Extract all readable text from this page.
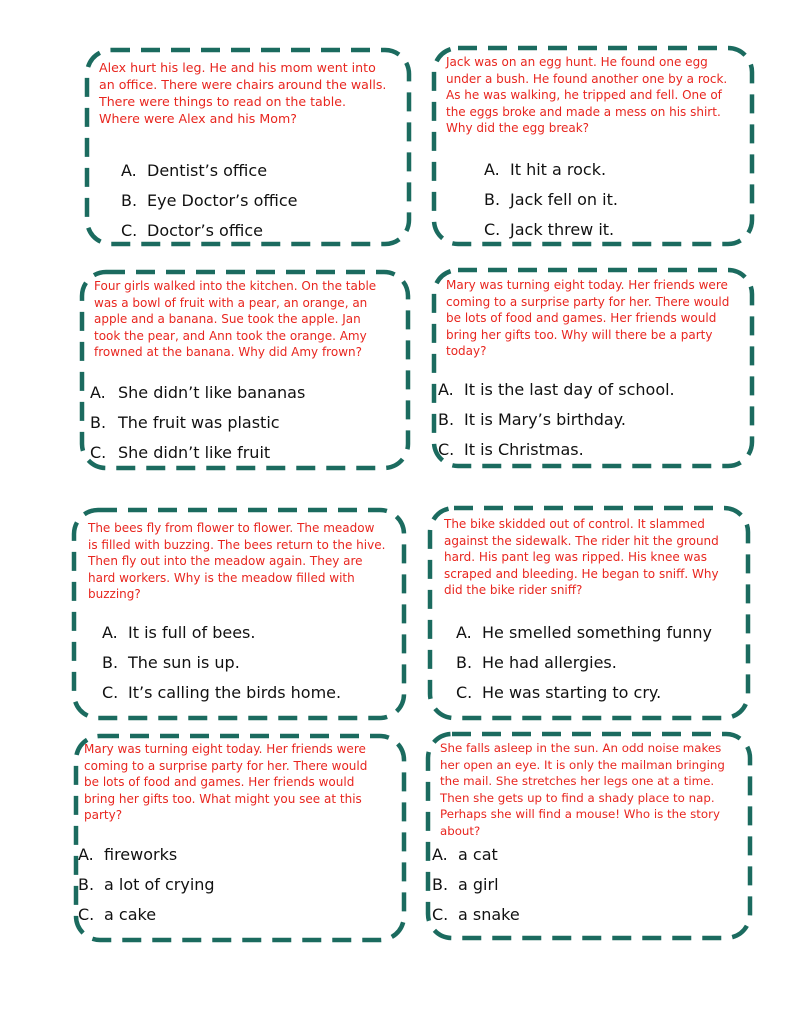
Alex hurt his leg. He and his mom went into an office. There were chairs around the walls. There were things to read on the table. Where were Alex and his Mom?

A. Dentist’s office
B. Eye Doctor’s office
C. Doctor’s office

Jack was on an egg hunt. He found one egg under a bush. He found another one by a rock. As he was walking, he tripped and fell. One of the eggs broke and made a mess on his shirt. Why did the egg break?

A. It hit a rock.
B. Jack fell on it.
C. Jack threw it.

Four girls walked into the kitchen. On the table was a bowl of fruit with a pear, an orange, an apple and a banana. Sue took the apple. Jan took the pear, and Ann took the orange. Amy frowned at the banana. Why did Amy frown?

A. She didn’t like bananas
B. The fruit was plastic
C. She didn’t like fruit

Mary was turning eight today. Her friends were coming to a surprise party for her. There would be lots of food and games. Her friends would bring her gifts too. Why will there be a party today?

A. It is the last day of school.
B. It is Mary’s birthday.
C. It is Christmas.

The bees fly from flower to flower. The meadow is filled with buzzing. The bees return to the hive. Then fly out into the meadow again. They are hard workers. Why is the meadow filled with buzzing?

A. It is full of bees.
B. The sun is up.
C. It’s calling the birds home.

The bike skidded out of control. It slammed against the sidewalk. The rider hit the ground hard. His pant leg was ripped. His knee was scraped and bleeding. He began to sniff. Why did the bike rider sniff?

A. He smelled something funny
B. He had allergies.
C. He was starting to cry.

Mary was turning eight today. Her friends were coming to a surprise party for her. There would be lots of food and games. Her friends would bring her gifts too. What might you see at this party?

A. fireworks
B. a lot of crying
C. a cake

She falls asleep in the sun. An odd noise makes her open an eye. It is only the mailman bringing the mail. She stretches her legs one at a time. Then she gets up to find a shady place to nap. Perhaps she will find a mouse! Who is the story about?

A. a cat
B. a girl
C. a snake
